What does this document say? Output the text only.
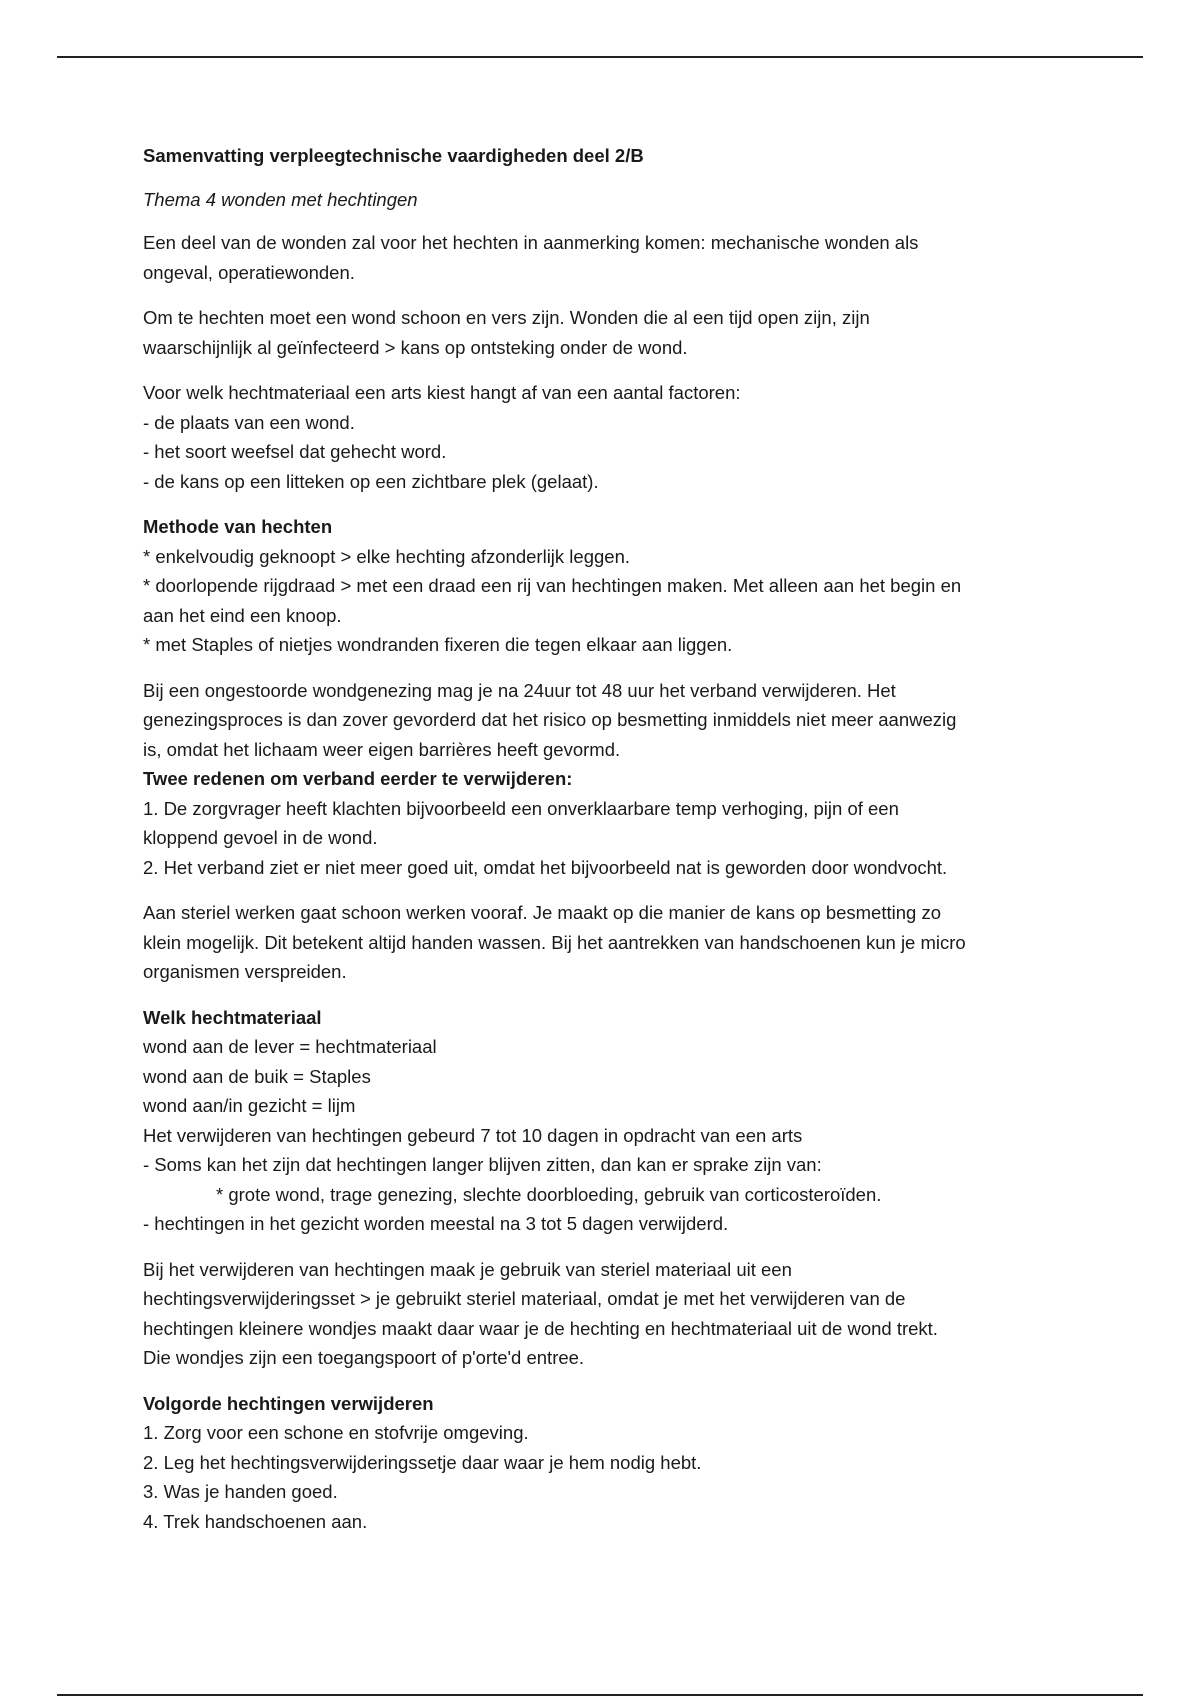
Samenvatting verpleegtechnische vaardigheden deel 2/B

Thema 4 wonden met hechtingen

Een deel van de wonden zal voor het hechten in aanmerking komen: mechanische wonden als
ongeval, operatiewonden.

Om te hechten moet een wond schoon en vers zijn. Wonden die al een tijd open zijn, zijn
waarschijnlijk al geïnfecteerd > kans op ontsteking onder de wond.

Voor welk hechtmateriaal een arts kiest hangt af van een aantal factoren:
- de plaats van een wond.
- het soort weefsel dat gehecht word.
- de kans op een litteken op een zichtbare plek (gelaat).

Methode van hechten
* enkelvoudig geknoopt > elke hechting afzonderlijk leggen.
* doorlopende rijgdraad > met een draad een rij van hechtingen maken. Met alleen aan het begin en
aan het eind een knoop.
* met Staples of nietjes wondranden fixeren die tegen elkaar aan liggen.

Bij een ongestoorde wondgenezing mag je na 24uur tot 48 uur het verband verwijderen. Het
genezingsproces is dan zover gevorderd dat het risico op besmetting inmiddels niet meer aanwezig
is, omdat het lichaam weer eigen barrières heeft gevormd.
Twee redenen om verband eerder te verwijderen:
1. De zorgvrager heeft klachten bijvoorbeeld een onverklaarbare temp verhoging, pijn of een
kloppend gevoel in de wond.
2. Het verband ziet er niet meer goed uit, omdat het bijvoorbeeld nat is geworden door wondvocht.

Aan steriel werken gaat schoon werken vooraf. Je maakt op die manier de kans op besmetting zo
klein mogelijk. Dit betekent altijd handen wassen. Bij het aantrekken van handschoenen kun je micro
organismen verspreiden.

Welk hechtmateriaal
wond aan de lever = hechtmateriaal
wond aan de buik = Staples
wond aan/in gezicht = lijm
Het verwijderen van hechtingen gebeurd 7 tot 10 dagen in opdracht van een arts
- Soms kan het zijn dat hechtingen langer blijven zitten, dan kan er sprake zijn van:
* grote wond, trage genezing, slechte doorbloeding, gebruik van corticosteroïden.
- hechtingen in het gezicht worden meestal na 3 tot 5 dagen verwijderd.

Bij het verwijderen van hechtingen maak je gebruik van steriel materiaal uit een
hechtingsverwijderingsset > je gebruikt steriel materiaal, omdat je met het verwijderen van de
hechtingen kleinere wondjes maakt daar waar je de hechting en hechtmateriaal uit de wond trekt.
Die wondjes zijn een toegangspoort of p'orte'd entree.

Volgorde hechtingen verwijderen
1. Zorg voor een schone en stofvrije omgeving.
2. Leg het hechtingsverwijderingssetje daar waar je hem nodig hebt.
3. Was je handen goed.
4. Trek handschoenen aan.
